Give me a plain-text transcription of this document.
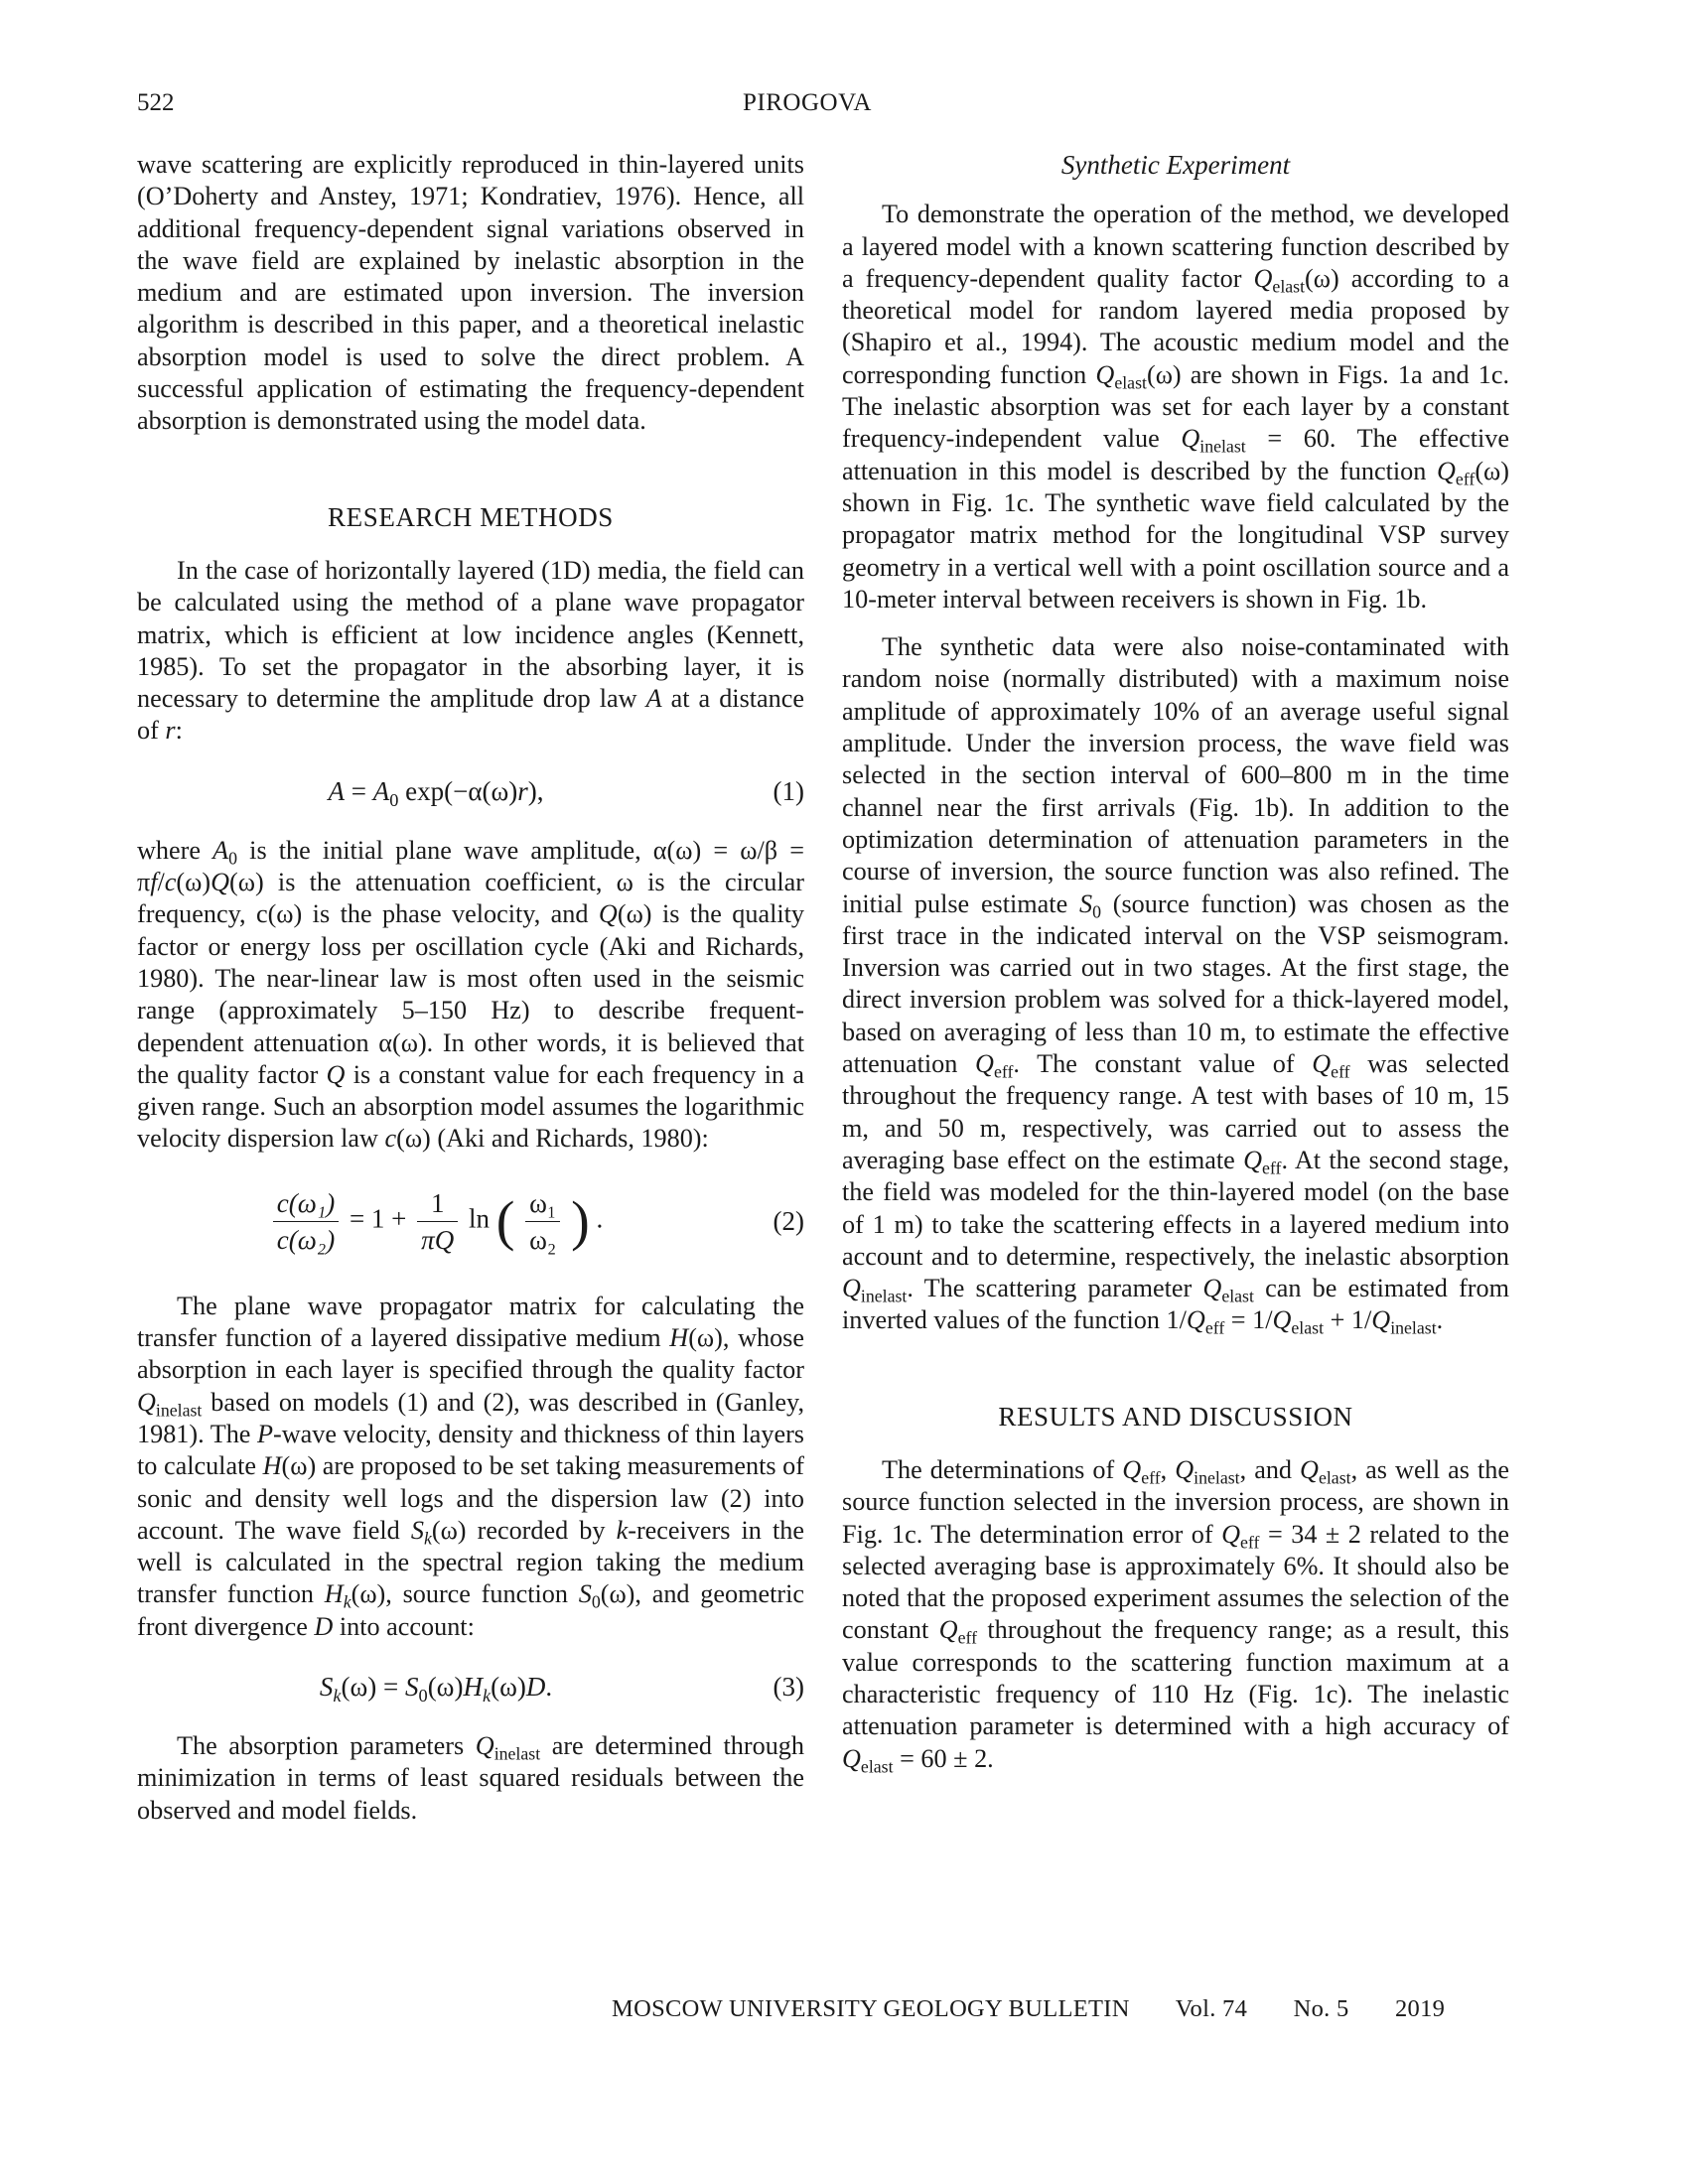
522	PIROGOVA

wave scattering are explicitly reproduced in thin-layered units (O’Doherty and Anstey, 1971; Kondratiev, 1976). Hence, all additional frequency-dependent signal variations observed in the wave field are explained by inelastic absorption in the medium and are estimated upon inversion. The inversion algorithm is described in this paper, and a theoretical inelastic absorption model is used to solve the direct problem. A successful application of estimating the frequency-dependent absorption is demonstrated using the model data.

RESEARCH METHODS

In the case of horizontally layered (1D) media, the field can be calculated using the method of a plane wave propagator matrix, which is efficient at low incidence angles (Kennett, 1985). To set the propagator in the absorbing layer, it is necessary to determine the amplitude drop law A at a distance of r:

$A = A_0$ exp(−α(ω)r),	(1)

where $A_0$ is the initial plane wave amplitude, α(ω) = ω/β = πf/c(ω)Q(ω) is the attenuation coefficient, ω is the circular frequency, c(ω) is the phase velocity, and Q(ω) is the quality factor or energy loss per oscillation cycle (Aki and Richards, 1980). The near-linear law is most often used in the seismic range (approximately 5–150 Hz) to describe frequent-dependent attenuation α(ω). In other words, it is believed that the quality factor Q is a constant value for each frequency in a given range. Such an absorption model assumes the logarithmic velocity dispersion law c(ω) (Aki and Richards, 1980):

$\frac{\text{c(ω₁)}}{\text{c(ω₂)}} = 1 + \frac{1}{\pi Q}$ ln ( $\frac{\text{ω₁}}{\text{ω₂}}$ ) .	(2)

The plane wave propagator matrix for calculating the transfer function of a layered dissipative medium H(ω), whose absorption in each layer is specified through the quality factor $Q_{inelast}$ based on models (1) and (2), was described in (Ganley, 1981). The P-wave velocity, density and thickness of thin layers to calculate H(ω) are proposed to be set taking measurements of sonic and density well logs and the dispersion law (2) into account. The wave field $S_k(\omega)$ recorded by k-receivers in the well is calculated in the spectral region taking the medium transfer function $H_k(\omega)$, source function $S_0(\omega)$, and geometric front divergence D into account:

$S_k(\omega) = S_0(\omega)H_k(\omega)D$.	(3)

The absorption parameters $Q_{inelast}$ are determined through minimization in terms of least squared residuals between the observed and model fields.

Synthetic Experiment

To demonstrate the operation of the method, we developed a layered model with a known scattering function described by a frequency-dependent quality factor $Q_{elast}(\omega)$ according to a theoretical model for random layered media proposed by (Shapiro et al., 1994). The acoustic medium model and the corresponding function $Q_{elast}(\omega)$ are shown in Figs. 1a and 1c. The inelastic absorption was set for each layer by a constant frequency-independent value $Q_{inelast} = 60$. The effective attenuation in this model is described by the function $Q_{eff}(\omega)$ shown in Fig. 1c. The synthetic wave field calculated by the propagator matrix method for the longitudinal VSP survey geometry in a vertical well with a point oscillation source and a 10-meter interval between receivers is shown in Fig. 1b.

The synthetic data were also noise-contaminated with random noise (normally distributed) with a maximum noise amplitude of approximately 10% of an average useful signal amplitude. Under the inversion process, the wave field was selected in the section interval of 600–800 m in the time channel near the first arrivals (Fig. 1b). In addition to the optimization determination of attenuation parameters in the course of inversion, the source function was also refined. The initial pulse estimate $S_0$ (source function) was chosen as the first trace in the indicated interval on the VSP seismogram. Inversion was carried out in two stages. At the first stage, the direct inversion problem was solved for a thick-layered model, based on averaging of less than 10 m, to estimate the effective attenuation $Q_{eff}$. The constant value of $Q_{eff}$ was selected throughout the frequency range. A test with bases of 10 m, 15 m, and 50 m, respectively, was carried out to assess the averaging base effect on the estimate $Q_{eff}$. At the second stage, the field was modeled for the thin-layered model (on the base of 1 m) to take the scattering effects in a layered medium into account and to determine, respectively, the inelastic absorption $Q_{inelast}$. The scattering parameter $Q_{elast}$ can be estimated from inverted values of the function $1/Q_{eff} = 1/Q_{elast} + 1/Q_{inelast}$.

RESULTS AND DISCUSSION

The determinations of $Q_{eff}$, $Q_{inelast}$, and $Q_{elast}$, as well as the source function selected in the inversion process, are shown in Fig. 1c. The determination error of $Q_{eff} = 34 \pm 2$ related to the selected averaging base is approximately 6%. It should also be noted that the proposed experiment assumes the selection of the constant $Q_{eff}$ throughout the frequency range; as a result, this value corresponds to the scattering function maximum at a characteristic frequency of 110 Hz (Fig. 1c). The inelastic attenuation parameter is determined with a high accuracy of $Q_{elast} = 60 \pm 2$.

MOSCOW UNIVERSITY GEOLOGY BULLETIN Vol. 74 No. 5 2019
